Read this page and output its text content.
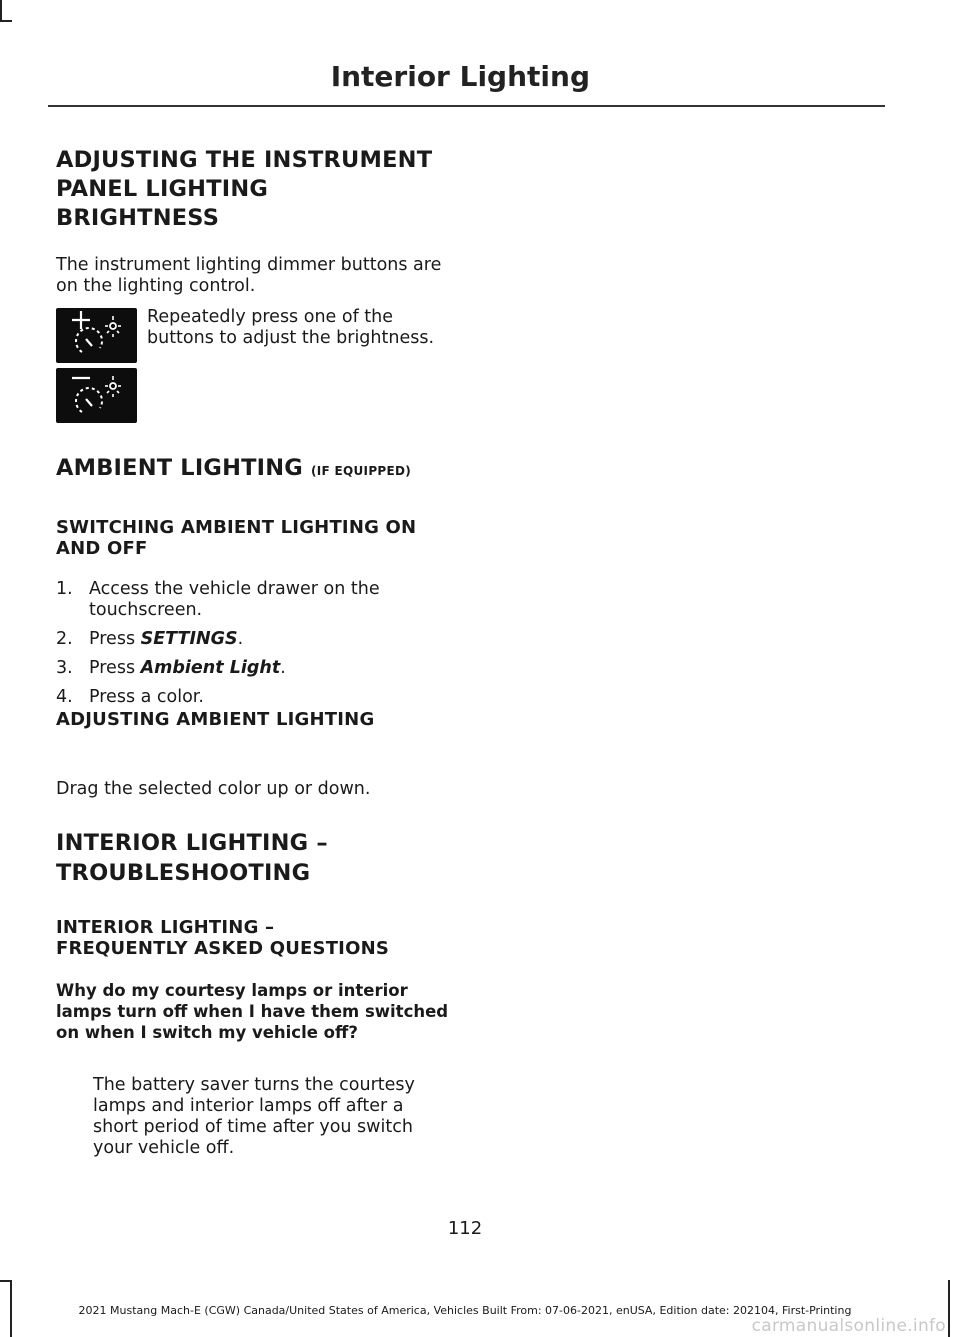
Interior Lighting
ADJUSTING THE INSTRUMENT
PANEL LIGHTING
BRIGHTNESS
The instrument lighting dimmer buttons are on the lighting control.
Repeatedly press one of the buttons to adjust the brightness.
AMBIENT LIGHTING (IF EQUIPPED)
SWITCHING AMBIENT LIGHTING ON AND OFF
1. Access the vehicle drawer on the touchscreen.
2. Press SETTINGS.
3. Press Ambient Light.
4. Press a color.
ADJUSTING AMBIENT LIGHTING
Drag the selected color up or down.
INTERIOR LIGHTING –
TROUBLESHOOTING
INTERIOR LIGHTING –
FREQUENTLY ASKED QUESTIONS
Why do my courtesy lamps or interior lamps turn off when I have them switched on when I switch my vehicle off?
The battery saver turns the courtesy lamps and interior lamps off after a short period of time after you switch your vehicle off.
112
2021 Mustang Mach-E (CGW) Canada/United States of America, Vehicles Built From: 07-06-2021, enUSA, Edition date: 202104, First-Printing
carmanualsonline.info
